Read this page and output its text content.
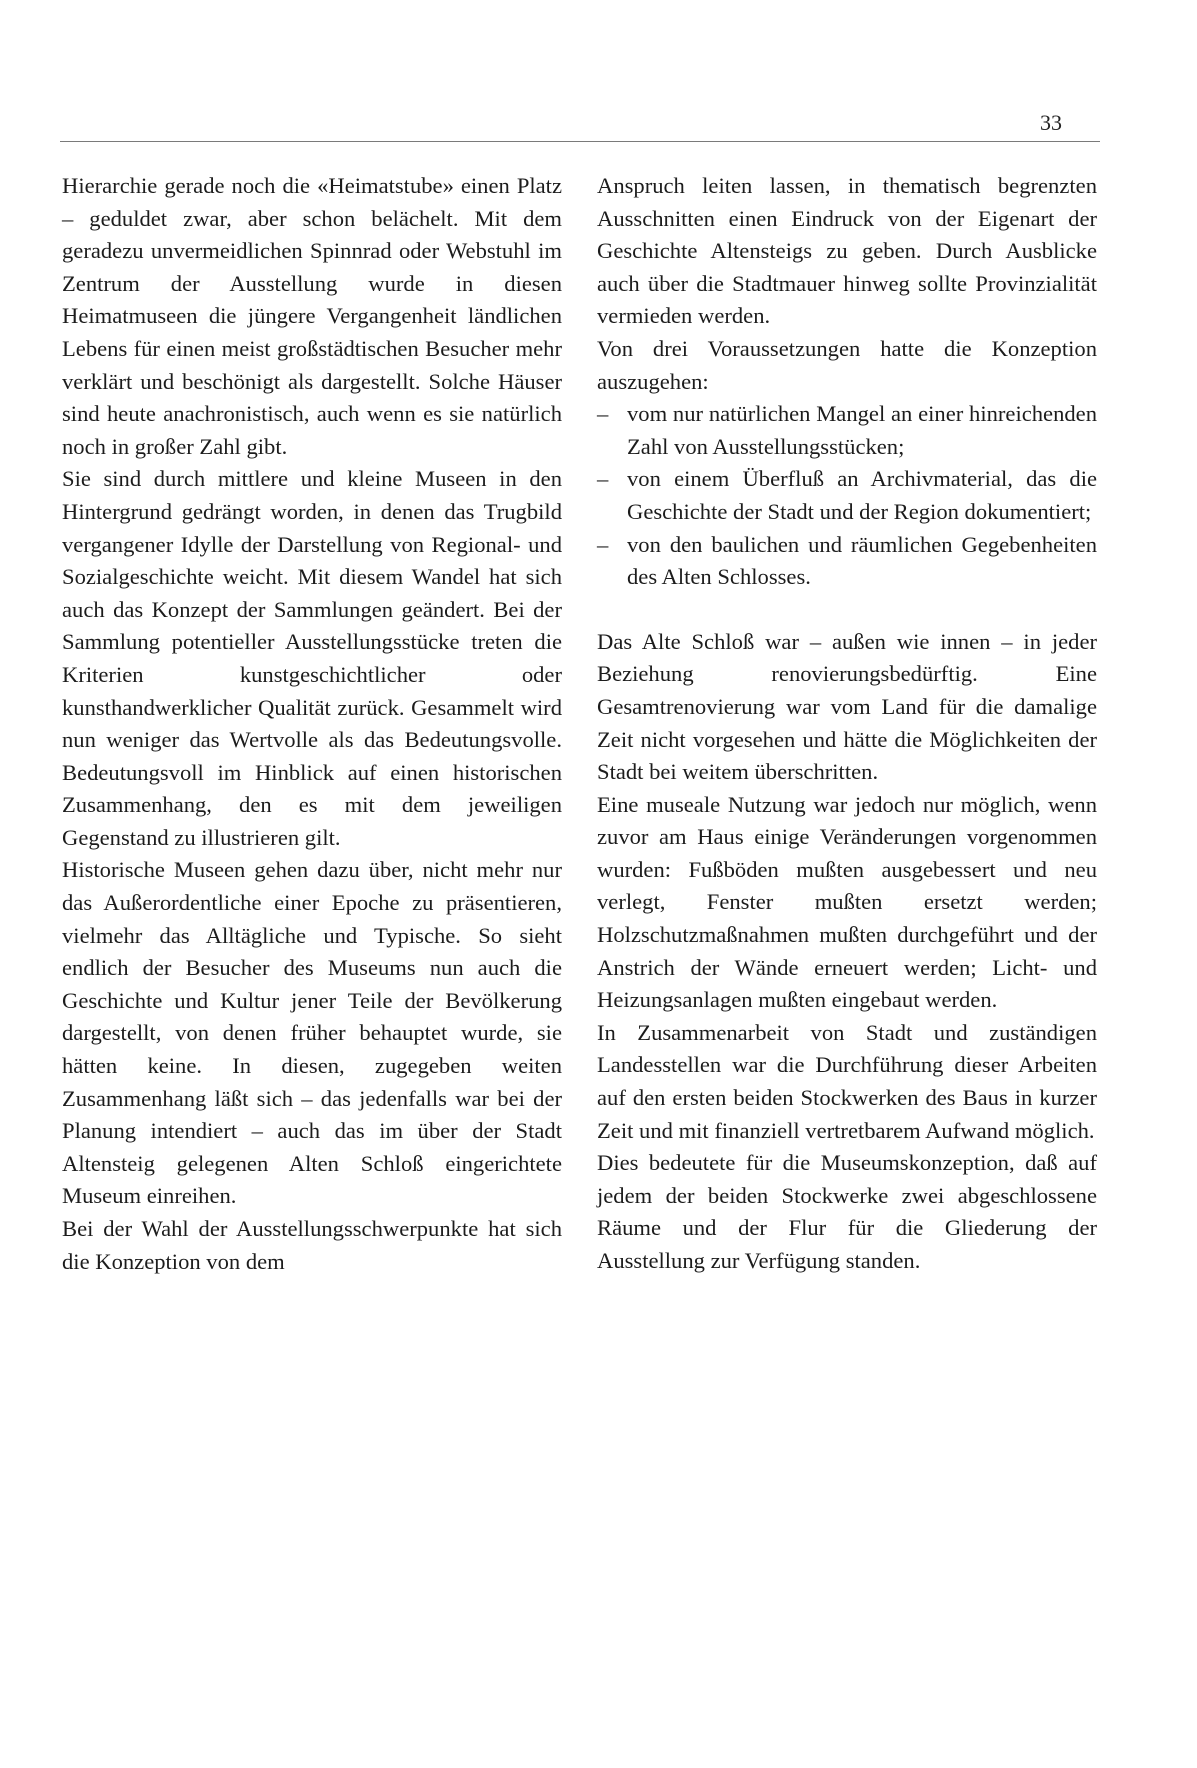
33

Hierarchie gerade noch die «Heimatstube» einen Platz – geduldet zwar, aber schon belächelt. Mit dem geradezu unvermeidlichen Spinnrad oder Webstuhl im Zentrum der Ausstellung wurde in diesen Heimatmuseen die jüngere Vergangenheit ländlichen Lebens für einen meist großstädtischen Besucher mehr verklärt und beschönigt als dargestellt. Solche Häuser sind heute anachronistisch, auch wenn es sie natürlich noch in großer Zahl gibt.

Sie sind durch mittlere und kleine Museen in den Hintergrund gedrängt worden, in denen das Trugbild vergangener Idylle der Darstellung von Regional- und Sozialgeschichte weicht. Mit diesem Wandel hat sich auch das Konzept der Sammlungen geändert. Bei der Sammlung potentieller Ausstellungsstücke treten die Kriterien kunstgeschichtlicher oder kunsthandwerklicher Qualität zurück. Gesammelt wird nun weniger das Wertvolle als das Bedeutungsvolle. Bedeutungsvoll im Hinblick auf einen historischen Zusammenhang, den es mit dem jeweiligen Gegenstand zu illustrieren gilt.

Historische Museen gehen dazu über, nicht mehr nur das Außerordentliche einer Epoche zu präsentieren, vielmehr das Alltägliche und Typische. So sieht endlich der Besucher des Museums nun auch die Geschichte und Kultur jener Teile der Bevölkerung dargestellt, von denen früher behauptet wurde, sie hätten keine. In diesen, zugegeben weiten Zusammenhang läßt sich – das jedenfalls war bei der Planung intendiert – auch das im über der Stadt Altensteig gelegenen Alten Schloß eingerichtete Museum einreihen.

Bei der Wahl der Ausstellungsschwerpunkte hat sich die Konzeption von dem

Anspruch leiten lassen, in thematisch begrenzten Ausschnitten einen Eindruck von der Eigenart der Geschichte Altensteigs zu geben. Durch Ausblicke auch über die Stadtmauer hinweg sollte Provinzialität vermieden werden.

Von drei Voraussetzungen hatte die Konzeption auszugehen:

– vom nur natürlichen Mangel an einer hinreichenden Zahl von Ausstellungsstücken;
– von einem Überfluß an Archivmaterial, das die Geschichte der Stadt und der Region dokumentiert;
– von den baulichen und räumlichen Gegebenheiten des Alten Schlosses.

Das Alte Schloß war – außen wie innen – in jeder Beziehung renovierungsbedürftig. Eine Gesamtrenovierung war vom Land für die damalige Zeit nicht vorgesehen und hätte die Möglichkeiten der Stadt bei weitem überschritten.

Eine museale Nutzung war jedoch nur möglich, wenn zuvor am Haus einige Veränderungen vorgenommen wurden: Fußböden mußten ausgebessert und neu verlegt, Fenster mußten ersetzt werden; Holzschutzmaßnahmen mußten durchgeführt und der Anstrich der Wände erneuert werden; Licht- und Heizungsanlagen mußten eingebaut werden.

In Zusammenarbeit von Stadt und zuständigen Landesstellen war die Durchführung dieser Arbeiten auf den ersten beiden Stockwerken des Baus in kurzer Zeit und mit finanziell vertretbarem Aufwand möglich.

Dies bedeutete für die Museumskonzeption, daß auf jedem der beiden Stockwerke zwei abgeschlossene Räume und der Flur für die Gliederung der Ausstellung zur Verfügung standen.
